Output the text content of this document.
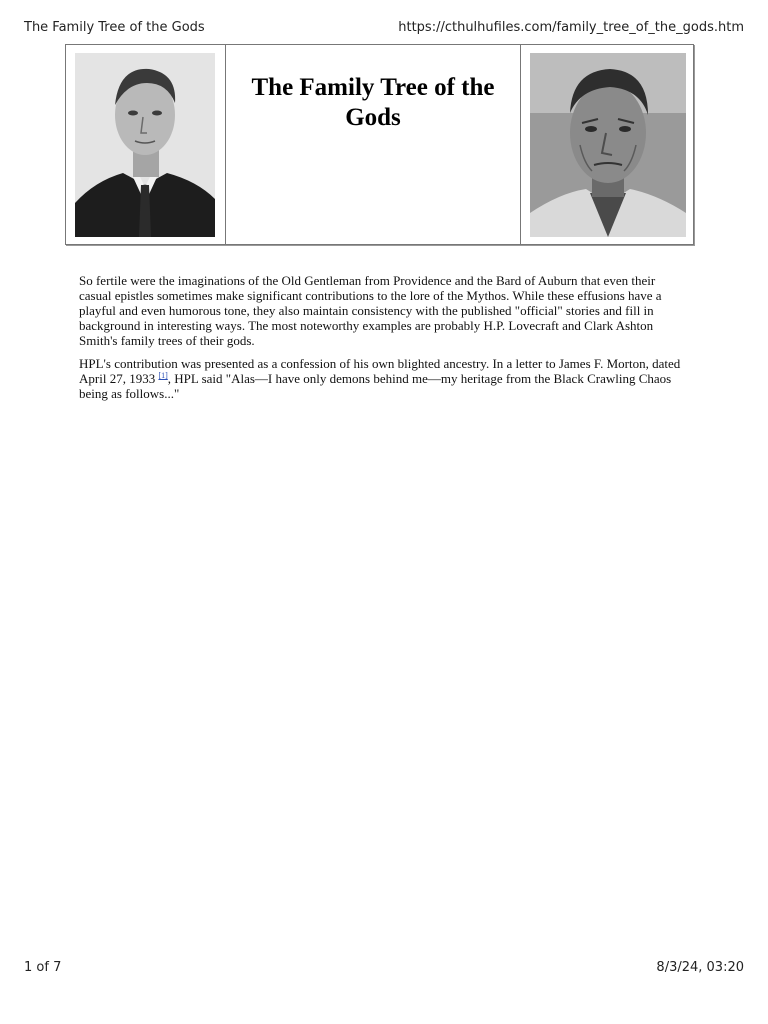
The Family Tree of the Gods	https://cthulhufiles.com/family_tree_of_the_gods.htm
The Family Tree of the Gods

So fertile were the imaginations of the Old Gentleman from Providence and the Bard of Auburn that even their casual epistles sometimes make significant contributions to the lore of the Mythos. While these effusions have a playful and even humorous tone, they also maintain consistency with the published "official" stories and fill in background in interesting ways. The most noteworthy examples are probably H.P. Lovecraft and Clark Ashton Smith's family trees of their gods.

HPL's contribution was presented as a confession of his own blighted ancestry. In a letter to James F. Morton, dated April 27, 1933 [1], HPL said "Alas—I have only demons behind me—my heritage from the Black Crawling Chaos being as follows..."

1 of 7	8/3/24, 03:20
